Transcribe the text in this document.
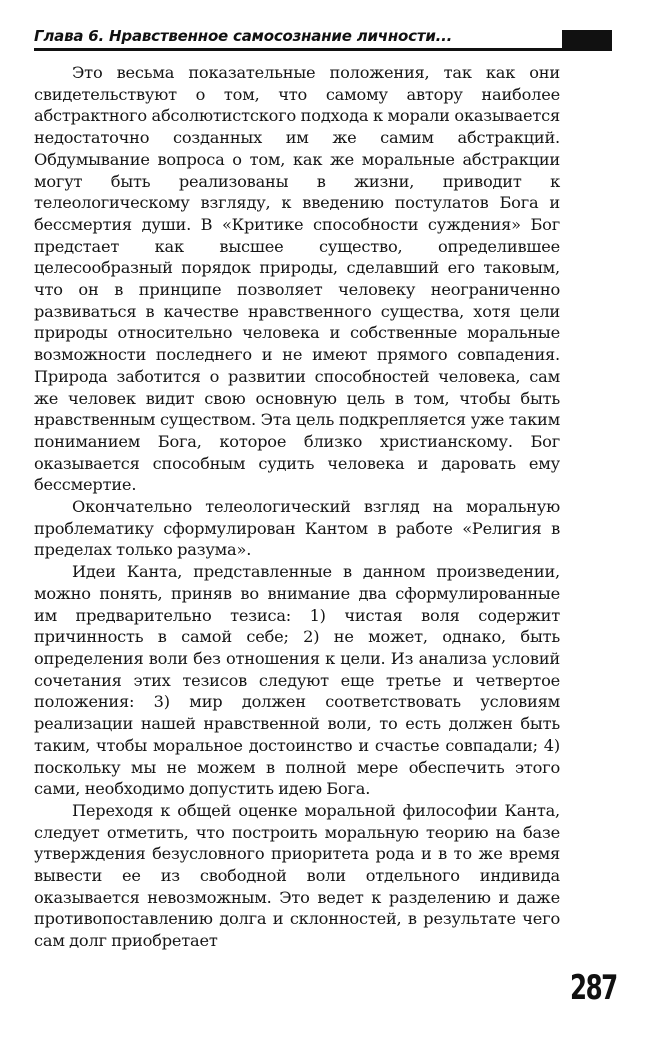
Глава 6. Нравственное самосознание личности...

Это весьма показательные положения, так как они свидетельствуют о том, что самому автору наиболее абстрактного абсолютистского подхода к морали оказывается недостаточно созданных им же самим абстракций. Обдумывание вопроса о том, как же моральные абстракции могут быть реализованы в жизни, приводит к телеологическому взгляду, к введению постулатов Бога и бессмертия души. В «Критике способности суждения» Бог предстает как высшее существо, определившее целесообразный порядок природы, сделавший его таковым, что он в принципе позволяет человеку неограниченно развиваться в качестве нравственного существа, хотя цели природы относительно человека и собственные моральные возможности последнего и не имеют прямого совпадения. Природа заботится о развитии способностей человека, сам же человек видит свою основную цель в том, чтобы быть нравственным существом. Эта цель подкрепляется уже таким пониманием Бога, которое близко христианскому. Бог оказывается способным судить человека и даровать ему бессмертие.

Окончательно телеологический взгляд на моральную проблематику сформулирован Кантом в работе «Религия в пределах только разума».

Идеи Канта, представленные в данном произведении, можно понять, приняв во внимание два сформулированные им предварительно тезиса: 1) чистая воля содержит причинность в самой себе; 2) не может, однако, быть определения воли без отношения к цели. Из анализа условий сочетания этих тезисов следуют еще третье и четвертое положения: 3) мир должен соответствовать условиям реализации нашей нравственной воли, то есть должен быть таким, чтобы моральное достоинство и счастье совпадали; 4) поскольку мы не можем в полной мере обеспечить этого сами, необходимо допустить идею Бога.

Переходя к общей оценке моральной философии Канта, следует отметить, что построить моральную теорию на базе утверждения безусловного приоритета рода и в то же время вывести ее из свободной воли отдельного индивида оказывается невозможным. Это ведет к разделению и даже противопоставлению долга и склонностей, в результате чего сам долг приобретает

287
